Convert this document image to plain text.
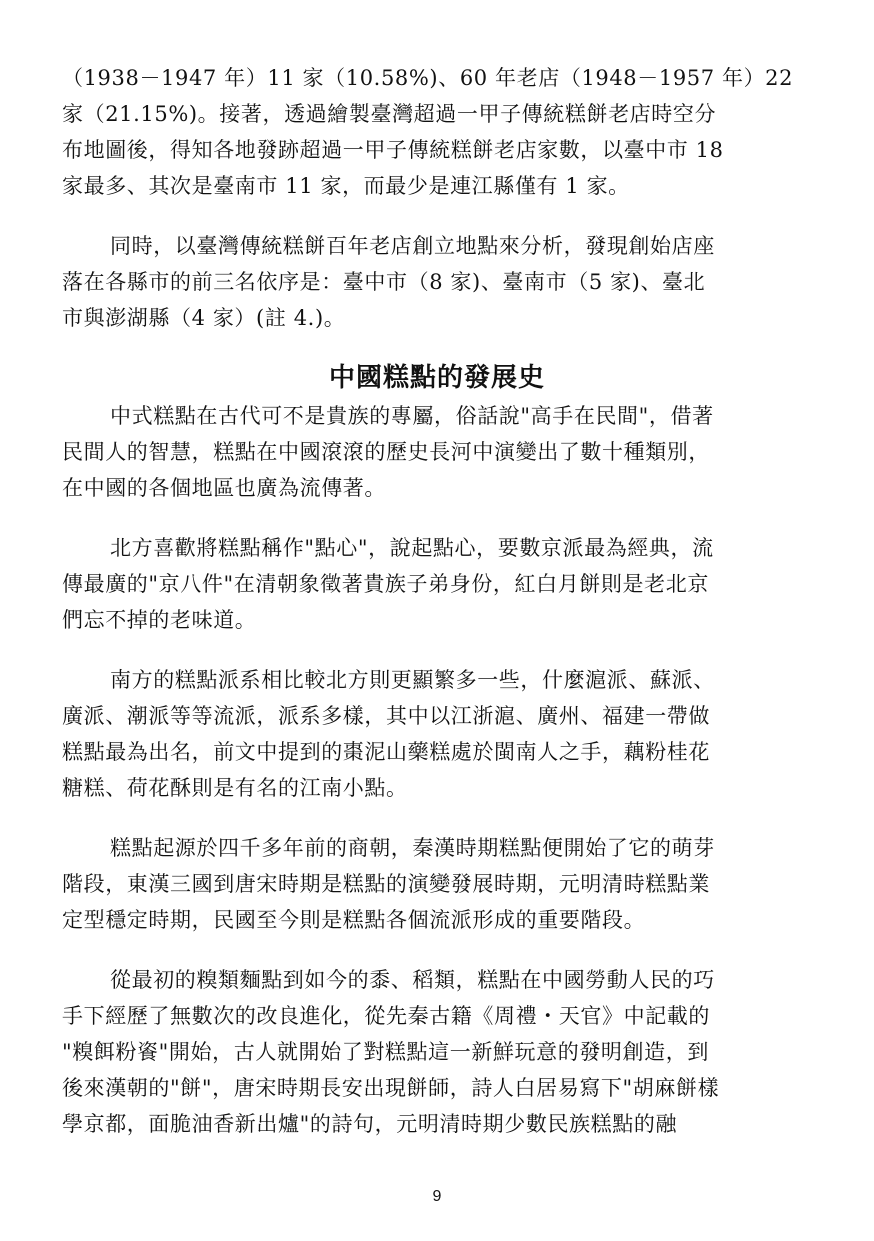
（1938－1947 年）11 家（10.58%)、60 年老店（1948－1957 年）22
家（21.15%)。接著，透過繪製臺灣超過一甲子傳統糕餅老店時空分
布地圖後，得知各地發跡超過一甲子傳統糕餅老店家數，以臺中市 18
家最多、其次是臺南市 11 家，而最少是連江縣僅有 1 家。
同時，以臺灣傳統糕餅百年老店創立地點來分析，發現創始店座
落在各縣市的前三名依序是：臺中市（8 家)、臺南市（5 家)、臺北
市與澎湖縣（4 家）(註 4.)。
中國糕點的發展史
中式糕點在古代可不是貴族的專屬，俗話說"高手在民間"，借著
民間人的智慧，糕點在中國滾滾的歷史長河中演變出了數十種類別，
在中國的各個地區也廣為流傳著。
北方喜歡將糕點稱作"點心"，說起點心，要數京派最為經典，流
傳最廣的"京八件"在清朝象徵著貴族子弟身份，紅白月餅則是老北京
們忘不掉的老味道。
南方的糕點派系相比較北方則更顯繁多一些，什麼滬派、蘇派、
廣派、潮派等等流派，派系多樣，其中以江浙滬、廣州、福建一帶做
糕點最為出名，前文中提到的棗泥山藥糕處於閩南人之手，藕粉桂花
糖糕、荷花酥則是有名的江南小點。
糕點起源於四千多年前的商朝，秦漢時期糕點便開始了它的萌芽
階段，東漢三國到唐宋時期是糕點的演變發展時期，元明清時糕點業
定型穩定時期，民國至今則是糕點各個流派形成的重要階段。
從最初的糗類麵點到如今的黍、稻類，糕點在中國勞動人民的巧
手下經歷了無數次的改良進化，從先秦古籍《周禮・天官》中記載的
"糗餌粉餈"開始，古人就開始了對糕點這一新鮮玩意的發明創造，到
後來漢朝的"餅"，唐宋時期長安出現餅師，詩人白居易寫下"胡麻餅樣
學京都，面脆油香新出爐"的詩句，元明清時期少數民族糕點的融
9
